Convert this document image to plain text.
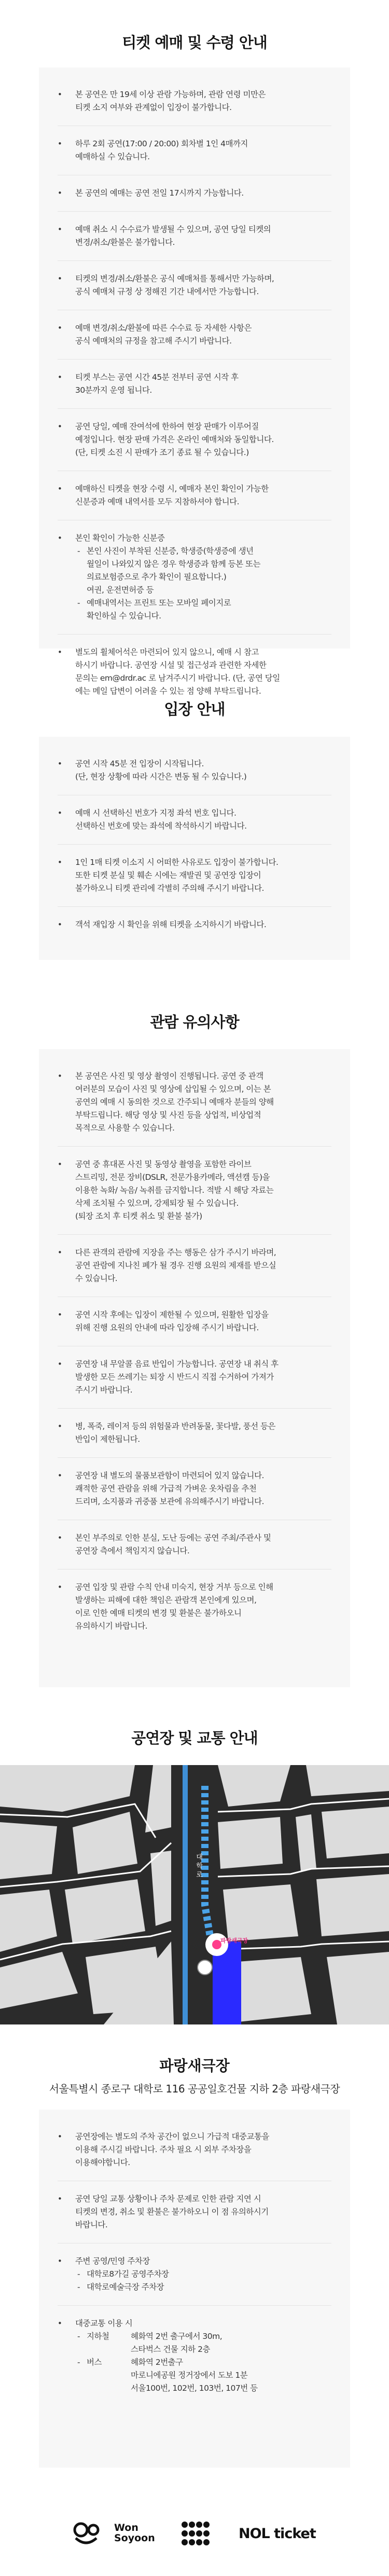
티켓 예매 및 수령 안내
• 본 공연은 만 19세 이상 관람 가능하며, 관람 연령 미만은
티켓 소지 여부와 관계없이 입장이 불가합니다.
• 하루 2회 공연(17:00 / 20:00) 회차별 1인 4매까지
예매하실 수 있습니다.
• 본 공연의 예매는 공연 전일 17시까지 가능합니다.
• 예매 취소 시 수수료가 발생될 수 있으며, 공연 당일 티켓의
변경/취소/환불은 불가합니다.
• 티켓의 변경/취소/환불은 공식 예매처를 통해서만 가능하며,
공식 예매처 규정 상 정해진 기간 내에서만 가능합니다.
• 예매 변경/취소/환불에 따른 수수료 등 자세한 사항은
공식 예매처의 규정을 참고해 주시기 바랍니다.
• 티켓 부스는 공연 시간 45분 전부터 공연 시작 후
30분까지 운영 됩니다.
• 공연 당일, 예매 잔여석에 한하여 현장 판매가 이루어질
예정입니다. 현장 판매 가격은 온라인 예매처와 동일합니다.
(단, 티켓 소진 시 판매가 조기 종료 될 수 있습니다.)
• 예매하신 티켓을 현장 수령 시, 예매자 본인 확인이 가능한
신분증과 예매 내역서를 모두 지참하셔야 합니다.
• 본인 확인이 가능한 신분증
- 본인 사진이 부착된 신분증, 학생증(학생증에 생년
월일이 나와있지 않은 경우 학생증과 함께 등본 또는
의료보험증으로 추가 확인이 필요합니다.)
여권, 운전면허증 등
- 예매내역서는 프린트 또는 모바일 페이지로
확인하실 수 있습니다.
• 별도의 휠체어석은 마련되어 있지 않으니, 예매 시 참고
하시기 바랍니다. 공연장 시설 및 접근성과 관련한 자세한
문의는 em@drdr.ac 로 남겨주시기 바랍니다. (단, 공연 당일
에는 메일 답변이 어려울 수 있는 점 양해 부탁드립니다.
입장 안내
• 공연 시작 45분 전 입장이 시작됩니다.
(단, 현장 상황에 따라 시간은 변동 될 수 있습니다.)
• 예매 시 선택하신 번호가 지정 좌석 번호 입니다.
선택하신 번호에 맞는 좌석에 착석하시기 바랍니다.
• 1인 1매 티켓 이소지 시 어떠한 사유로도 입장이 불가합니다.
또한 티켓 분실 및 훼손 시에는 재발권 및 공연장 입장이
불가하오니 티켓 관리에 각별히 주의해 주시기 바랍니다.
• 객석 재입장 시 확인을 위해 티켓을 소지하시기 바랍니다.
관람 유의사항
• 본 공연은 사진 및 영상 촬영이 진행됩니다. 공연 중 관객
여러분의 모습이 사진 및 영상에 삽입될 수 있으며, 이는 본
공연의 예매 시 동의한 것으로 간주되니 예매자 분들의 양해
부탁드립니다. 해당 영상 및 사진 등을 상업적, 비상업적
목적으로 사용할 수 있습니다.
• 공연 중 휴대폰 사진 및 동영상 촬영을 포함한 라이브
스트리밍, 전문 장비(DSLR, 전문가용카메라, 액션캠 등)을
이용한 녹화/ 녹음/ 녹취를 금지합니다. 적발 시 해당 자료는
삭제 조치될 수 있으며, 강제퇴장 될 수 있습니다.
(퇴장 조치 후 티켓 취소 및 환불 불가)
• 다른 관객의 관람에 지장을 주는 행동은 삼가 주시기 바라며,
공연 관람에 지나친 폐가 될 경우 진행 요원의 제재를 받으실
수 있습니다.
• 공연 시작 후에는 입장이 제한될 수 있으며, 원활한 입장을
위해 진행 요원의 안내에 따라 입장해 주시기 바랍니다.
• 공연장 내 무알콜 음료 반입이 가능합니다. 공연장 내 취식 후
발생한 모든 쓰레기는 퇴장 시 반드시 직접 수거하여 가져가
주시기 바랍니다.
• 병, 폭죽, 레이저 등의 위험물과 반려동물, 꽃다발, 풍선 등은
반입이 제한됩니다.
• 공연장 내 별도의 물품보관함이 마련되어 있지 않습니다.
쾌적한 공연 관람을 위해 가급적 가벼운 옷차림을 추천
드리며, 소지품과 귀중품 보관에 유의해주시기 바랍니다.
• 본인 부주의로 인한 분실, 도난 등에는 공연 주최/주관사 및
공연장 측에서 책임지지 않습니다.
• 공연 입장 및 관람 수칙 안내 미숙지, 현장 거부 등으로 인해
발생하는 피해에 대한 책임은 관람객 본인에게 있으며,
이로 인한 예매 티켓의 변경 및 환불은 불가하오니
유의하시기 바랍니다.
공연장 및 교통 안내
대학로
파랑새극장
파랑새극장
서울특별시 종로구 대학로 116 공공일호건물 지하 2층 파랑새극장
• 공연장에는 별도의 주차 공간이 없으니 가급적 대중교통을
이용해 주시길 바랍니다. 주차 필요 시 외부 주차장을
이용해야합니다.
• 공연 당일 교통 상황이나 주차 문제로 인한 관람 지연 시
티켓의 변경, 취소 및 환불은 불가하오니 이 점 유의하시기
바랍니다.
• 주변 공영/민영 주차장
- 대학로8가길 공영주차장
- 대학로예술극장 주차장
• 대중교통 이용 시
- 지하철	혜화역 2번 출구에서 30m,
스타벅스 건물 지하 2층
- 버스	혜화역 2번출구
마로니에공원 정거장에서 도보 1분
서울100번, 102번, 103번, 107번 등
Won Soyoon	NOL ticket
